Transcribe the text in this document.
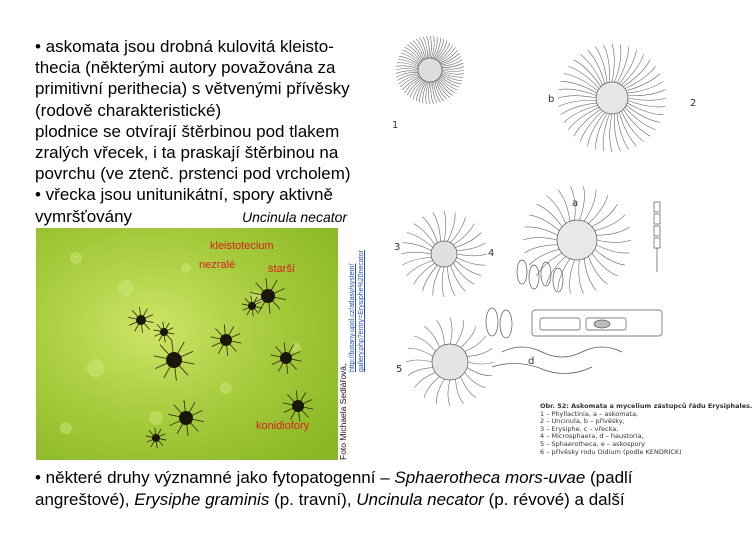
• askomata jsou drobná kulovitá kleisto-
thecia (některými autory považována za
primitivní perithecia) s větvenými přívěsky
(rodově charakteristické)
plodnice se otvírají štěrbinou pod tlakem
zralých vřecek, i ta praskají štěrbinou na
povrchu (ve ztenč. prstenci pod vrcholem)
• vřecka jsou unitunikátní, spory aktivně
vymršťovány	Uncinula necator
kleistotecium
nezralé	starší
konidiofory	Foto Michaela Sedlářová,
http://botany.upol.cz/atlasy/system/ gallery.php?entry=Erysiphe%20necator
1
2
3
4
5
b
a
d
Obr. 52: Askomata a mycelium zástupců řádu Erysiphales.
1 – Phyllactinia, a – askomata,
2 – Uncinula, b – přívěsky,
3 – Erysiphe, c – vřecka,
4 – Microsphaera, d – haustoria,
5 – Sphaerotheca, e – askospory
6 – přívěsky rodu Oidium (podle KENDRICK)
• některé druhy významné jako fytopatogenní – Sphaerotheca mors-uvae (padlí
angreštové), Erysiphe graminis (p. travní), Uncinula necator (p. révové) a další
